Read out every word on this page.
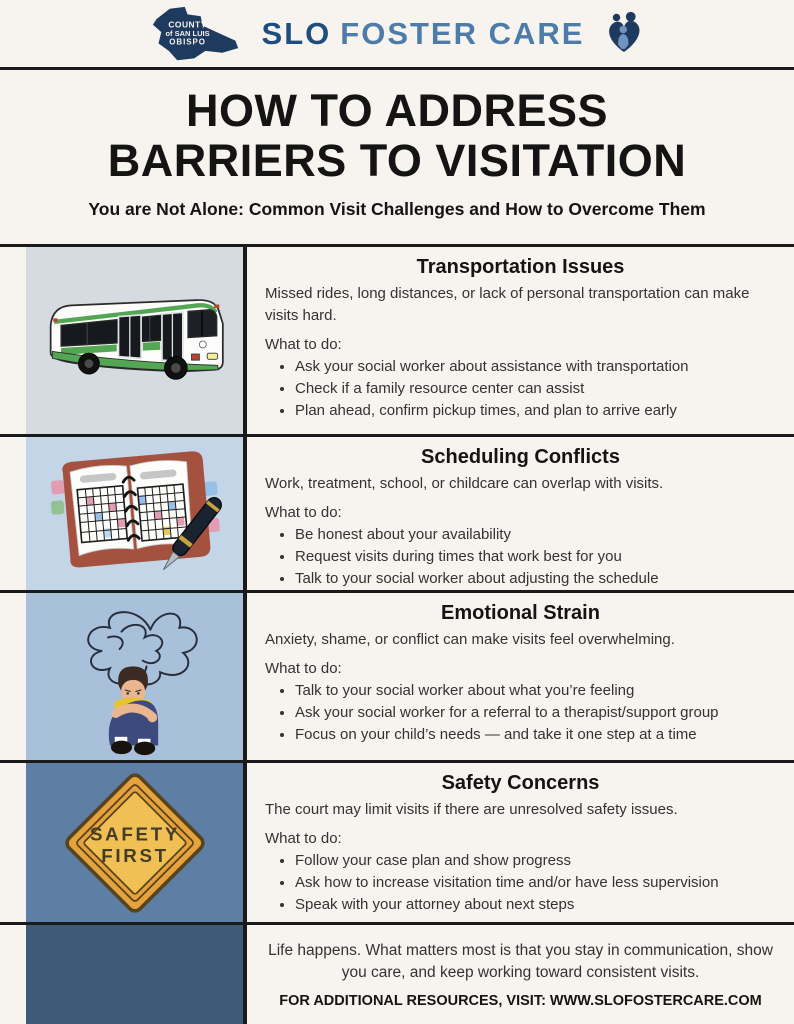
COUNTY
of SAN LUIS
OBISPO SLO FOSTER CARE
HOW TO ADDRESS
BARRIERS TO VISITATION
You are Not Alone: Common Visit Challenges and How to Overcome Them
Transportation Issues
Missed rides, long distances, or lack of personal transportation can make visits hard.
What to do:
• Ask your social worker about assistance with transportation
• Check if a family resource center can assist
• Plan ahead, confirm pickup times, and plan to arrive early
Scheduling Conflicts
Work, treatment, school, or childcare can overlap with visits.
What to do:
• Be honest about your availability
• Request visits during times that work best for you
• Talk to your social worker about adjusting the schedule
Emotional Strain
Anxiety, shame, or conflict can make visits feel overwhelming.
What to do:
• Talk to your social worker about what you’re feeling
• Ask your social worker for a referral to a therapist/support group
• Focus on your child’s needs — and take it one step at a time
SAFETY
FIRST
Safety Concerns
The court may limit visits if there are unresolved safety issues.
What to do:
• Follow your case plan and show progress
• Ask how to increase visitation time and/or have less supervision
• Speak with your attorney about next steps
Life happens. What matters most is that you stay in communication, show you care, and keep working toward consistent visits.
FOR ADDITIONAL RESOURCES, VISIT: WWW.SLOFOSTERCARE.COM
